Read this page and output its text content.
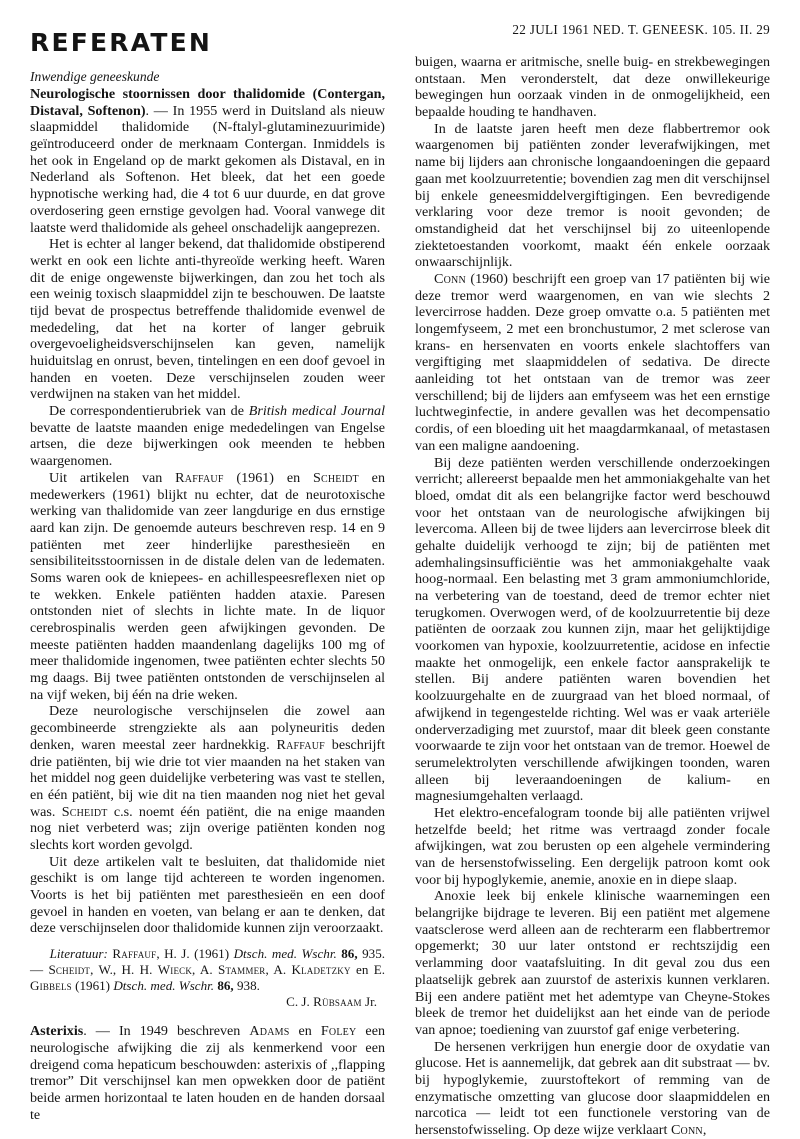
22 JULI 1961 NED. T. GENEESK. 105. II. 29
REFERATEN
Inwendige geneeskunde

Neurologische stoornissen door thalidomide (Contergan, Distaval, Softenon). — In 1955 werd in Duitsland als nieuw slaapmiddel thalidomide (N-ftalyl-glutaminezuurimide) geïntroduceerd onder de merknaam Contergan. Inmiddels is het ook in Engeland op de markt gekomen als Distaval, en in Nederland als Softenon. Het bleek, dat het een goede hypnotische werking had, die 4 tot 6 uur duurde, en dat grove overdosering geen ernstige gevolgen had. Vooral vanwege dit laatste werd thalidomide als geheel onschadelijk aangeprezen.

Het is echter al langer bekend, dat thalidomide obstiperend werkt en ook een lichte anti-thyreoïde werking heeft. Waren dit de enige ongewenste bijwerkingen, dan zou het toch als een weinig toxisch slaapmiddel zijn te beschouwen. De laatste tijd bevat de prospectus betreffende thalidomide evenwel de mededeling, dat het na korter of langer gebruik overgevoeligheidsverschijnselen kan geven, namelijk huiduitslag en onrust, beven, tintelingen en een doof gevoel in handen en voeten. Deze verschijnselen zouden weer verdwijnen na staken van het middel.

De correspondentierubriek van de British medical Journal bevatte de laatste maanden enige mededelingen van Engelse artsen, die deze bijwerkingen ook meenden te hebben waargenomen.

Uit artikelen van Raffauf (1961) en Scheidt en medewerkers (1961) blijkt nu echter, dat de neurotoxische werking van thalidomide van zeer langdurige en dus ernstige aard kan zijn. De genoemde auteurs beschreven resp. 14 en 9 patiënten met zeer hinderlijke paresthesieën en sensibiliteitsstoornissen in de distale delen van de ledematen. Soms waren ook de kniepees- en achillespeesreflexen niet op te wekken. Enkele patiënten hadden ataxie. Paresen ontstonden niet of slechts in lichte mate. In de liquor cerebrospinalis werden geen afwijkingen gevonden. De meeste patiënten hadden maandenlang dagelijks 100 mg of meer thalidomide ingenomen, twee patiënten echter slechts 50 mg daags. Bij twee patiënten ontstonden de verschijnselen al na vijf weken, bij één na drie weken.

Deze neurologische verschijnselen die zowel aan gecombineerde strengziekte als aan polyneuritis deden denken, waren meestal zeer hardnekkig. Raffauf beschrijft drie patiënten, bij wie drie tot vier maanden na het staken van het middel nog geen duidelijke verbetering was vast te stellen, en één patiënt, bij wie dit na tien maanden nog niet het geval was. Scheidt c.s. noemt één patiënt, die na enige maanden nog niet verbeterd was; zijn overige patiënten konden nog slechts kort worden gevolgd.

Uit deze artikelen valt te besluiten, dat thalidomide niet geschikt is om lange tijd achtereen te worden ingenomen. Voorts is het bij patiënten met paresthesieën en een doof gevoel in handen en voeten, van belang er aan te denken, dat deze verschijnselen door thalidomide kunnen zijn veroorzaakt.

Literatuur: Raffauf, H. J. (1961) Dtsch. med. Wschr. 86, 935. — Scheidt, W., H. H. Wieck, A. Stammer, A. Kladetzky en E. Gibbels (1961) Dtsch. med. Wschr. 86, 938.

C. J. Rübsaam Jr.

Asterixis. — In 1949 beschreven Adams en Foley een neurologische afwijking die zij als kenmerkend voor een dreigend coma hepaticum beschouwden: asterixis of ,,flapping tremor” Dit verschijnsel kan men opwekken door de patiënt beide armen horizontaal te laten houden en de handen dorsaal te

buigen, waarna er aritmische, snelle buig- en strekbewegingen ontstaan. Men veronderstelt, dat deze onwillekeurige bewegingen hun oorzaak vinden in de onmogelijkheid, een bepaalde houding te handhaven.

In de laatste jaren heeft men deze flabbertremor ook waargenomen bij patiënten zonder leverafwijkingen, met name bij lijders aan chronische longaandoeningen die gepaard gaan met koolzuurretentie; bovendien zag men dit verschijnsel bij enkele geneesmiddelvergiftigingen. Een bevredigende verklaring voor deze tremor is nooit gevonden; de omstandigheid dat het verschijnsel bij zo uiteenlopende ziektetoestanden voorkomt, maakt één enkele oorzaak onwaarschijnlijk.

Conn (1960) beschrijft een groep van 17 patiënten bij wie deze tremor werd waargenomen, en van wie slechts 2 levercirrose hadden. Deze groep omvatte o.a. 5 patiënten met longemfyseem, 2 met een bronchustumor, 2 met sclerose van krans- en hersenvaten en voorts enkele slachtoffers van vergiftiging met slaapmiddelen of sedativa. De directe aanleiding tot het ontstaan van de tremor was zeer verschillend; bij de lijders aan emfyseem was het een ernstige luchtweginfectie, in andere gevallen was het decompensatio cordis, of een bloeding uit het maagdarmkanaal, of metastasen van een maligne aandoening.

Bij deze patiënten werden verschillende onderzoekingen verricht; allereerst bepaalde men het ammoniakgehalte van het bloed, omdat dit als een belangrijke factor werd beschouwd voor het ontstaan van de neurologische afwijkingen bij levercoma. Alleen bij de twee lijders aan levercirrose bleek dit gehalte duidelijk verhoogd te zijn; bij de patiënten met ademhalingsinsufficiëntie was het ammoniakgehalte vaak hoog-normaal. Een belasting met 3 gram ammoniumchloride, na verbetering van de toestand, deed de tremor echter niet terugkomen. Overwogen werd, of de koolzuurretentie bij deze patiënten de oorzaak zou kunnen zijn, maar het gelijktijdige voorkomen van hypoxie, koolzuurretentie, acidose en infectie maakte het onmogelijk, een enkele factor aansprakelijk te stellen. Bij andere patiënten waren bovendien het koolzuurgehalte en de zuurgraad van het bloed normaal, of afwijkend in tegengestelde richting. Wel was er vaak arteriële onderverzadiging met zuurstof, maar dit bleek geen constante voorwaarde te zijn voor het ontstaan van de tremor. Hoewel de serumelektrolyten verschillende afwijkingen toonden, waren alleen bij leveraandoeningen de kalium- en magnesiumgehalten verlaagd.

Het elektro-encefalogram toonde bij alle patiënten vrijwel hetzelfde beeld; het ritme was vertraagd zonder focale afwijkingen, wat zou berusten op een algehele vermindering van de hersenstofwisseling. Een dergelijk patroon komt ook voor bij hypoglykemie, anemie, anoxie en in diepe slaap.

Anoxie leek bij enkele klinische waarnemingen een belangrijke bijdrage te leveren. Bij een patiënt met algemene vaatsclerose werd alleen aan de rechterarm een flabbertremor opgemerkt; 30 uur later ontstond er rechtszijdig een verlamming door vaatafsluiting. In dit geval zou dus een plaatselijk gebrek aan zuurstof de asterixis kunnen verklaren. Bij een andere patiënt met het ademtype van Cheyne-Stokes bleek de tremor het duidelijkst aan het einde van de periode van apnoe; toediening van zuurstof gaf enige verbetering.

De hersenen verkrijgen hun energie door de oxydatie van glucose. Het is aannemelijk, dat gebrek aan dit substraat — bv. bij hypoglykemie, zuurstoftekort of remming van de enzymatische omzetting van glucose door slaapmiddelen en narcotica — leidt tot een functionele verstoring van de hersenstofwisseling. Op deze wijze verklaart Conn,
